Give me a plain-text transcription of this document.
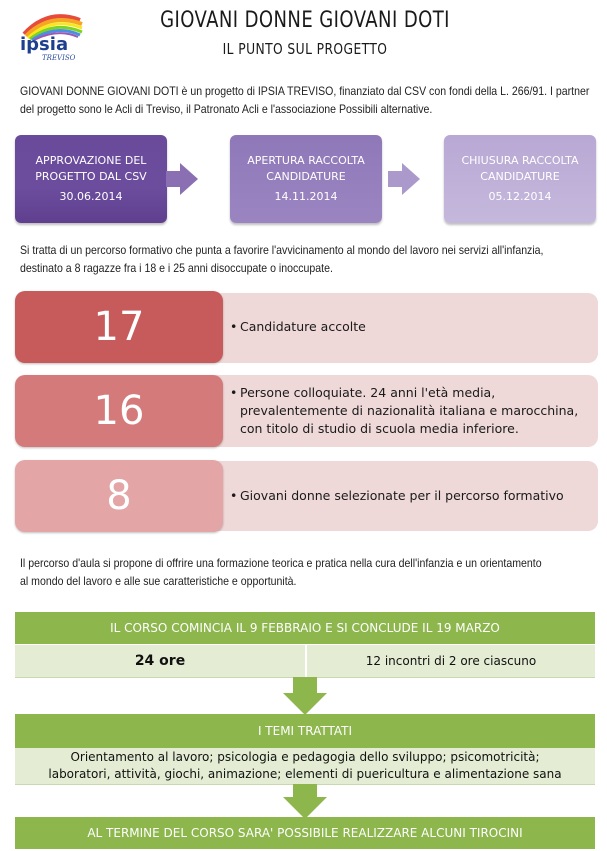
ipsia
TREVISO
GIOVANI DONNE GIOVANI DOTI
IL PUNTO SUL PROGETTO
GIOVANI DONNE GIOVANI DOTI è un progetto di IPSIA TREVISO, finanziato dal CSV con fondi della L. 266/91. I partner
del progetto sono le Acli di Treviso, il Patronato Acli e l'associazione Possibili alternative.
APPROVAZIONE DEL
PROGETTO DAL CSV
30.06.2014
APERTURA RACCOLTA
CANDIDATURE
14.11.2014
CHIUSURA RACCOLTA
CANDIDATURE
05.12.2014
Si tratta di un percorso formativo che punta a favorire l'avvicinamento al mondo del lavoro nei servizi all'infanzia,
destinato a 8 ragazze fra i 18 e i 25 anni disoccupate o inoccupate.
17	• Candidature accolte
16	• Persone colloquiate. 24 anni l'età media, prevalentemente di nazionalità italiana e marocchina, con titolo di studio di scuola media inferiore.
8	• Giovani donne selezionate per il percorso formativo
Il percorso d'aula si propone di offrire una formazione teorica e pratica nella cura dell'infanzia e un orientamento
al mondo del lavoro e alle sue caratteristiche e opportunità.
IL CORSO COMINCIA IL 9 FEBBRAIO E SI CONCLUDE IL 19 MARZO
24 ore	12 incontri di 2 ore ciascuno
I TEMI TRATTATI
Orientamento al lavoro; psicologia e pedagogia dello sviluppo; psicomotricità;
laboratori, attività, giochi, animazione; elementi di puericultura e alimentazione sana
AL TERMINE DEL CORSO SARA' POSSIBILE REALIZZARE ALCUNI TIROCINI
